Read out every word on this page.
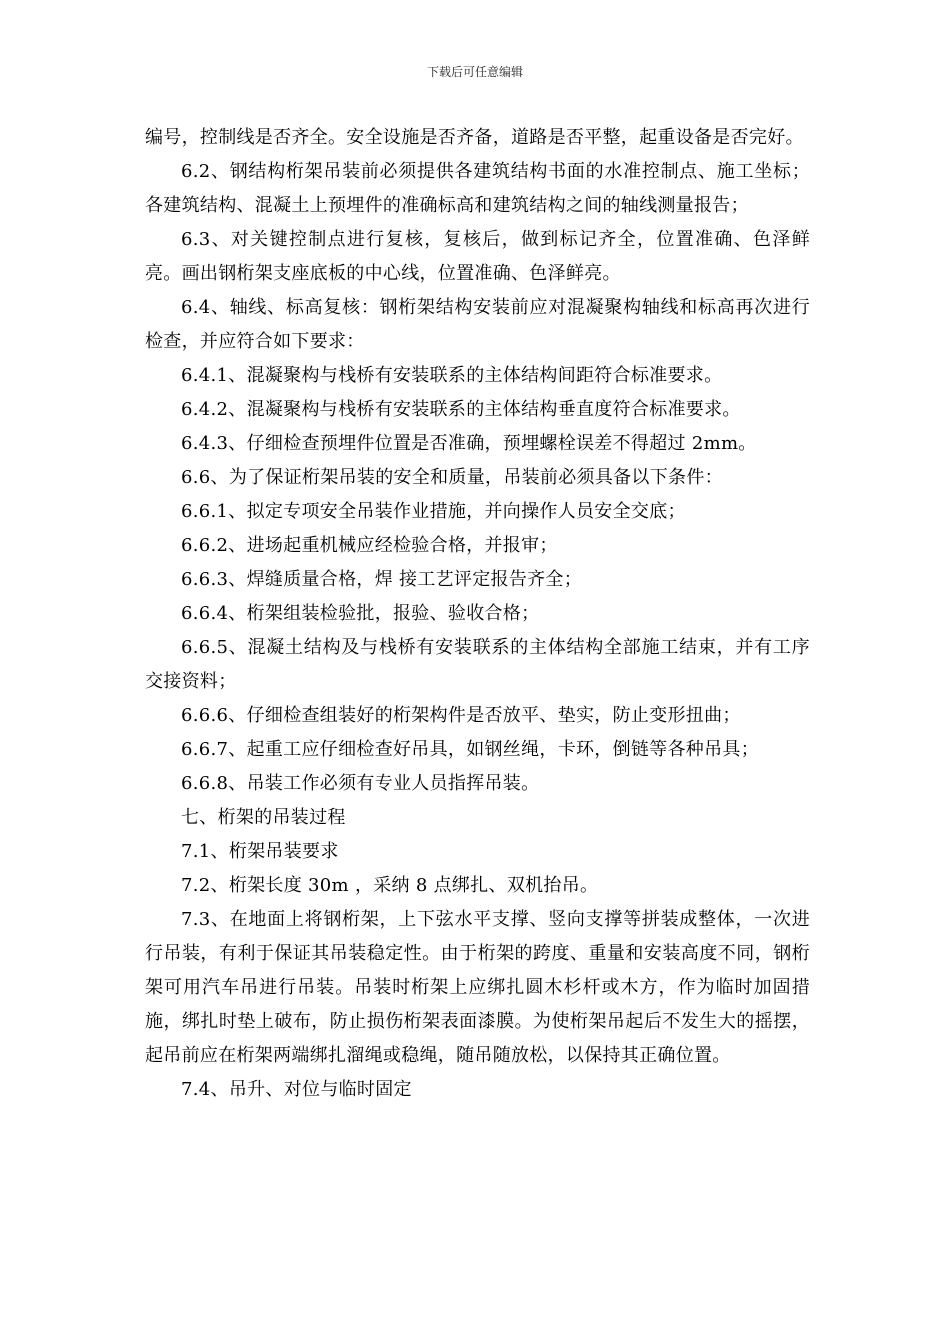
下载后可任意编辑

编号，控制线是否齐全。安全设施是否齐备，道路是否平整，起重设备是否完好。

6.2、钢结构桁架吊装前必须提供各建筑结构书面的水准控制点、施工坐标；各建筑结构、混凝土上预埋件的准确标高和建筑结构之间的轴线测量报告；

6.3、对关键控制点进行复核，复核后，做到标记齐全，位置准确、色泽鲜亮。画出钢桁架支座底板的中心线，位置准确、色泽鲜亮。

6.4、轴线、标高复核：钢桁架结构安装前应对混凝聚构轴线和标高再次进行检查，并应符合如下要求：

6.4.1、混凝聚构与栈桥有安装联系的主体结构间距符合标准要求。

6.4.2、混凝聚构与栈桥有安装联系的主体结构垂直度符合标准要求。

6.4.3、仔细检查预埋件位置是否准确，预埋螺栓误差不得超过 2mm。

6.6、为了保证桁架吊装的安全和质量，吊装前必须具备以下条件：

6.6.1、拟定专项安全吊装作业措施，并向操作人员安全交底；

6.6.2、进场起重机械应经检验合格，并报审；

6.6.3、焊缝质量合格，焊 接工艺评定报告齐全；

6.6.4、桁架组装检验批，报验、验收合格；

6.6.5、混凝土结构及与栈桥有安装联系的主体结构全部施工结束，并有工序交接资料；

6.6.6、仔细检查组装好的桁架构件是否放平、垫实，防止变形扭曲；

6.6.7、起重工应仔细检查好吊具，如钢丝绳，卡环，倒链等各种吊具；

6.6.8、吊装工作必须有专业人员指挥吊装。

七、桁架的吊装过程

7.1、桁架吊装要求

7.2、桁架长度 30m ，采纳 8 点绑扎、双机抬吊。

7.3、在地面上将钢桁架，上下弦水平支撑、竖向支撑等拼装成整体，一次进行吊装，有利于保证其吊装稳定性。由于桁架的跨度、重量和安装高度不同，钢桁架可用汽车吊进行吊装。吊装时桁架上应绑扎圆木杉杆或木方，作为临时加固措施，绑扎时垫上破布，防止损伤桁架表面漆膜。为使桁架吊起后不发生大的摇摆，起吊前应在桁架两端绑扎溜绳或稳绳，随吊随放松，以保持其正确位置。

7.4、吊升、对位与临时固定
